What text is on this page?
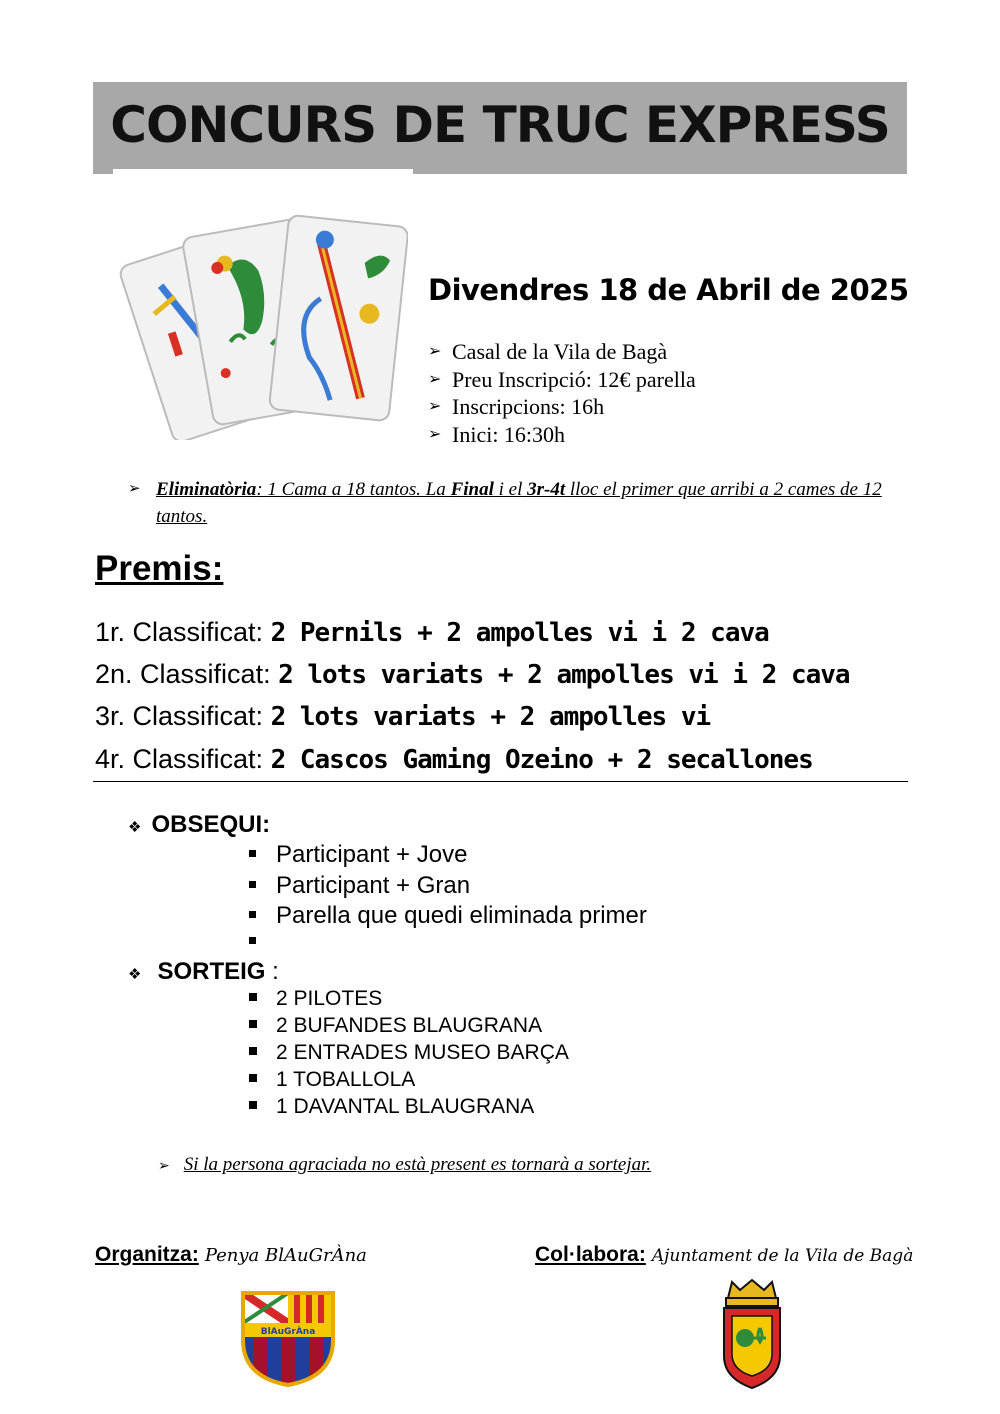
CONCURS DE TRUC EXPRESS
Divendres 18 de Abril de 2025
➢ Casal de la Vila de Bagà
➢ Preu Inscripció: 12€ parella
➢ Inscripcions: 16h
➢ Inici: 16:30h
➢ Eliminatòria: 1 Cama a 18 tantos. La Final i el 3r-4t lloc el primer que arribi a 2 cames de 12 tantos.
Premis:
1r. Classificat: 2 Pernils + 2 ampolles vi i 2 cava
2n. Classificat: 2 lots variats + 2 ampolles vi i 2 cava
3r. Classificat: 2 lots variats + 2 ampolles vi
4r. Classificat: 2 Cascos Gaming Ozeino + 2 secallones
❖ OBSEQUI:
Participant + Jove
Participant + Gran
Parella que quedi eliminada primer
❖ SORTEIG :
2 PILOTES
2 BUFANDES BLAUGRANA
2 ENTRADES MUSEO BARÇA
1 TOBALLOLA
1 DAVANTAL BLAUGRANA
➢ Si la persona agraciada no està present es tornarà a sortejar.
Organitza: Penya BlAuGrÀna	Col·labora: Ajuntament de la Vila de Bagà
BlAuGrÀna
